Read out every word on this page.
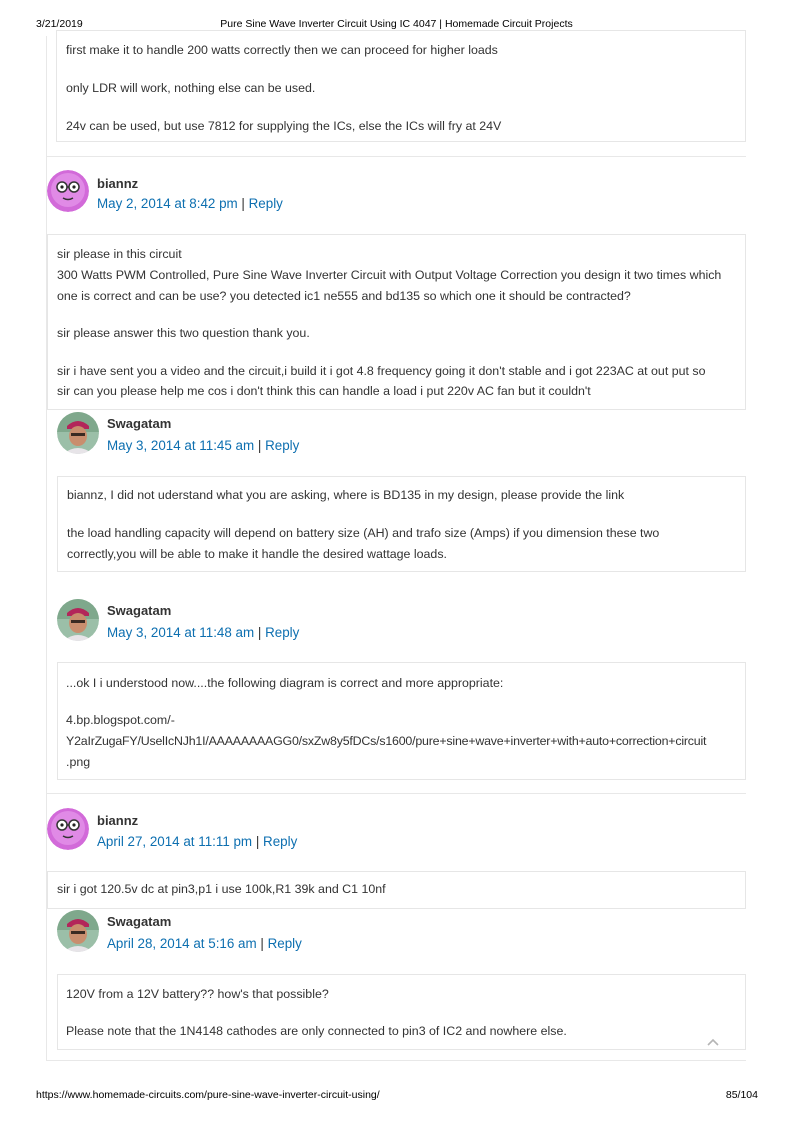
3/21/2019	Pure Sine Wave Inverter Circuit Using IC 4047 | Homemade Circuit Projects
first make it to handle 200 watts correctly then we can proceed for higher loads
only LDR will work, nothing else can be used.
24v can be used, but use 7812 for supplying the ICs, else the ICs will fry at 24V
biannz
May 2, 2014 at 8:42 pm | Reply
sir please in this circuit
300 Watts PWM Controlled, Pure Sine Wave Inverter Circuit with Output Voltage Correction you design it two times which
one is correct and can be use? you detected ic1 ne555 and bd135 so which one it should be contracted?
sir please answer this two question thank you.
sir i have sent you a video and the circuit,i build it i got 4.8 frequency going it don't stable and i got 223AC at out put so
sir can you please help me cos i don't think this can handle a load i put 220v AC fan but it couldn't
Swagatam
May 3, 2014 at 11:45 am | Reply
biannz, I did not uderstand what you are asking, where is BD135 in my design, please provide the link
the load handling capacity will depend on battery size (AH) and trafo size (Amps) if you dimension these two
correctly,you will be able to make it handle the desired wattage loads.
Swagatam
May 3, 2014 at 11:48 am | Reply
...ok I i understood now....the following diagram is correct and more appropriate:
4.bp.blogspot.com/-
Y2aIrZugaFY/UselIcNJh1I/AAAAAAAAGG0/sxZw8y5fDCs/s1600/pure+sine+wave+inverter+with+auto+correction+circuit
.png
biannz
April 27, 2014 at 11:11 pm | Reply
sir i got 120.5v dc at pin3,p1 i use 100k,R1 39k and C1 10nf
Swagatam
April 28, 2014 at 5:16 am | Reply
120V from a 12V battery?? how's that possible?
Please note that the 1N4148 cathodes are only connected to pin3 of IC2 and nowhere else.
https://www.homemade-circuits.com/pure-sine-wave-inverter-circuit-using/	85/104
